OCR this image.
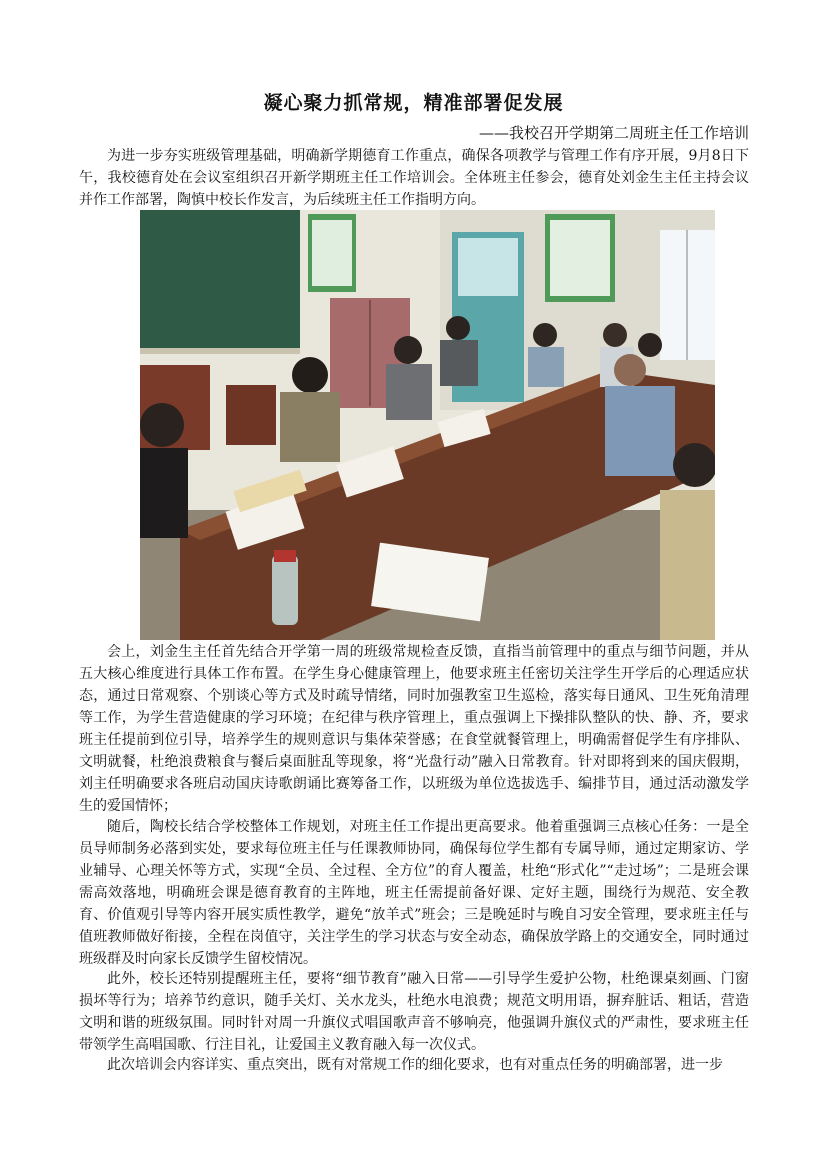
凝心聚力抓常规，精准部署促发展

——我校召开学期第二周班主任工作培训

为进一步夯实班级管理基础，明确新学期德育工作重点，确保各项教学与管理工作有序开展，9月8日下午，我校德育处在会议室组织召开新学期班主任工作培训会。全体班主任参会，德育处刘金生主任主持会议并作工作部署，陶慎中校长作发言，为后续班主任工作指明方向。

会上，刘金生主任首先结合开学第一周的班级常规检查反馈，直指当前管理中的重点与细节问题，并从五大核心维度进行具体工作布置。在学生身心健康管理上，他要求班主任密切关注学生开学后的心理适应状态，通过日常观察、个别谈心等方式及时疏导情绪，同时加强教室卫生巡检，落实每日通风、卫生死角清理等工作，为学生营造健康的学习环境；在纪律与秩序管理上，重点强调上下操排队整队的快、静、齐，要求班主任提前到位引导，培养学生的规则意识与集体荣誉感；在食堂就餐管理上，明确需督促学生有序排队、文明就餐，杜绝浪费粮食与餐后桌面脏乱等现象，将“光盘行动”融入日常教育。针对即将到来的国庆假期，刘主任明确要求各班启动国庆诗歌朗诵比赛筹备工作，以班级为单位选拔选手、编排节目，通过活动激发学生的爱国情怀；

随后，陶校长结合学校整体工作规划，对班主任工作提出更高要求。他着重强调三点核心任务：一是全员导师制务必落到实处，要求每位班主任与任课教师协同，确保每位学生都有专属导师，通过定期家访、学业辅导、心理关怀等方式，实现“全员、全过程、全方位”的育人覆盖，杜绝“形式化”“走过场”；二是班会课需高效落地，明确班会课是德育教育的主阵地，班主任需提前备好课、定好主题，围绕行为规范、安全教育、价值观引导等内容开展实质性教学，避免“放羊式”班会；三是晚延时与晚自习安全管理，要求班主任与值班教师做好衔接，全程在岗值守，关注学生的学习状态与安全动态，确保放学路上的交通安全，同时通过班级群及时向家长反馈学生留校情况。

此外，校长还特别提醒班主任，要将“细节教育”融入日常——引导学生爱护公物，杜绝课桌刻画、门窗损坏等行为；培养节约意识，随手关灯、关水龙头，杜绝水电浪费；规范文明用语，摒弃脏话、粗话，营造文明和谐的班级氛围。同时针对周一升旗仪式唱国歌声音不够响亮，他强调升旗仪式的严肃性，要求班主任带领学生高唱国歌、行注目礼，让爱国主义教育融入每一次仪式。

此次培训会内容详实、重点突出，既有对常规工作的细化要求，也有对重点任务的明确部署，进一步
